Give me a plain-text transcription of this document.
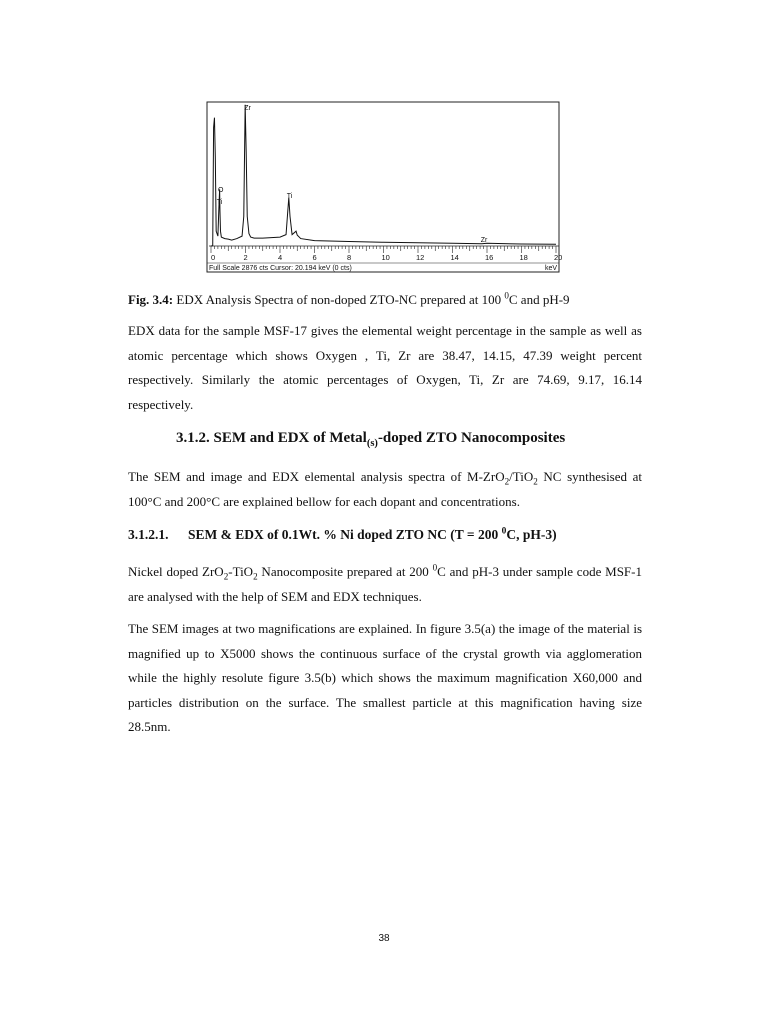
0	2	4	6	8	10	12	14	16	18	20
Zr
O
Ti
Ti
Zr
Full Scale 2876 cts Cursor: 20.194 keV (0 cts)	keV
Fig. 3.4: EDX Analysis Spectra of non-doped ZTO-NC prepared at 100 $^0$C and pH-9
EDX data for the sample MSF-17 gives the elemental weight percentage in the sample as well as atomic percentage which shows Oxygen , Ti, Zr are 38.47, 14.15, 47.39 weight percent respectively. Similarly the atomic percentages of Oxygen, Ti, Zr are 74.69, 9.17, 16.14 respectively.
3.1.2. SEM and EDX of Metal$_{(s)}$-doped ZTO Nanocomposites
The SEM and image and EDX elemental analysis spectra of M-ZrO$_2$/TiO$_2$ NC synthesised at 100°C and 200°C are explained bellow for each dopant and concentrations.
3.1.2.1. SEM & EDX of 0.1Wt. % Ni doped ZTO NC (T = 200 $^0$C, pH-3)
Nickel doped ZrO$_2$-TiO$_2$ Nanocomposite prepared at 200 $^0$C and pH-3 under sample code MSF-1 are analysed with the help of SEM and EDX techniques.
The SEM images at two magnifications are explained. In figure 3.5(a) the image of the material is magnified up to X5000 shows the continuous surface of the crystal growth via agglomeration while the highly resolute figure 3.5(b) which shows the maximum magnification X60,000 and particles distribution on the surface. The smallest particle at this magnification having size 28.5nm.
38
